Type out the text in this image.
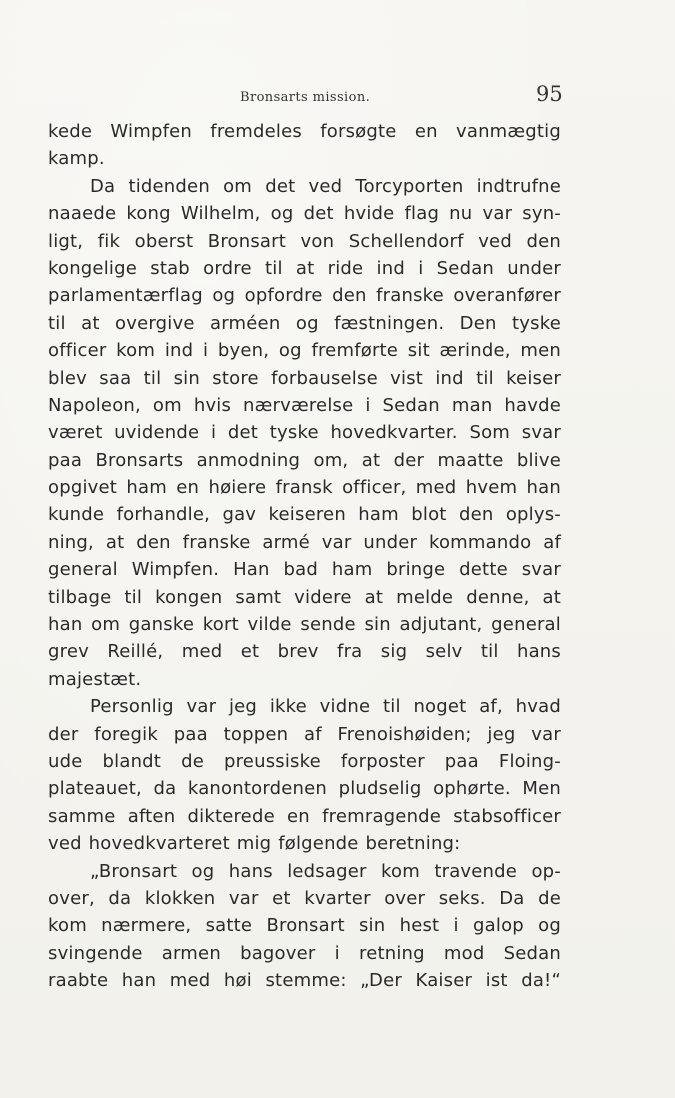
Bronsarts mission.	95
kede Wimpfen fremdeles forsøgte en vanmægtig
kamp.
Da tidenden om det ved Torcyporten indtrufne
naaede kong Wilhelm, og det hvide flag nu var syn-
ligt, fik oberst Bronsart von Schellendorf ved den
kongelige stab ordre til at ride ind i Sedan under
parlamentærflag og opfordre den franske overanfører
til at overgive arméen og fæstningen. Den tyske
officer kom ind i byen, og fremførte sit ærinde, men
blev saa til sin store forbauselse vist ind til keiser
Napoleon, om hvis nærværelse i Sedan man havde
været uvidende i det tyske hovedkvarter. Som svar
paa Bronsarts anmodning om, at der maatte blive
opgivet ham en høiere fransk officer, med hvem han
kunde forhandle, gav keiseren ham blot den oplys-
ning, at den franske armé var under kommando af
general Wimpfen. Han bad ham bringe dette svar
tilbage til kongen samt videre at melde denne, at
han om ganske kort vilde sende sin adjutant, general
grev Reillé, med et brev fra sig selv til hans
majestæt.
Personlig var jeg ikke vidne til noget af, hvad
der foregik paa toppen af Frenoishøiden; jeg var
ude blandt de preussiske forposter paa Floing-
plateauet, da kanontordenen pludselig ophørte. Men
samme aften dikterede en fremragende stabsofficer
ved hovedkvarteret mig følgende beretning:
„Bronsart og hans ledsager kom travende op-
over, da klokken var et kvarter over seks. Da de
kom nærmere, satte Bronsart sin hest i galop og
svingende armen bagover i retning mod Sedan
raabte han med høi stemme: „Der Kaiser ist da!“
